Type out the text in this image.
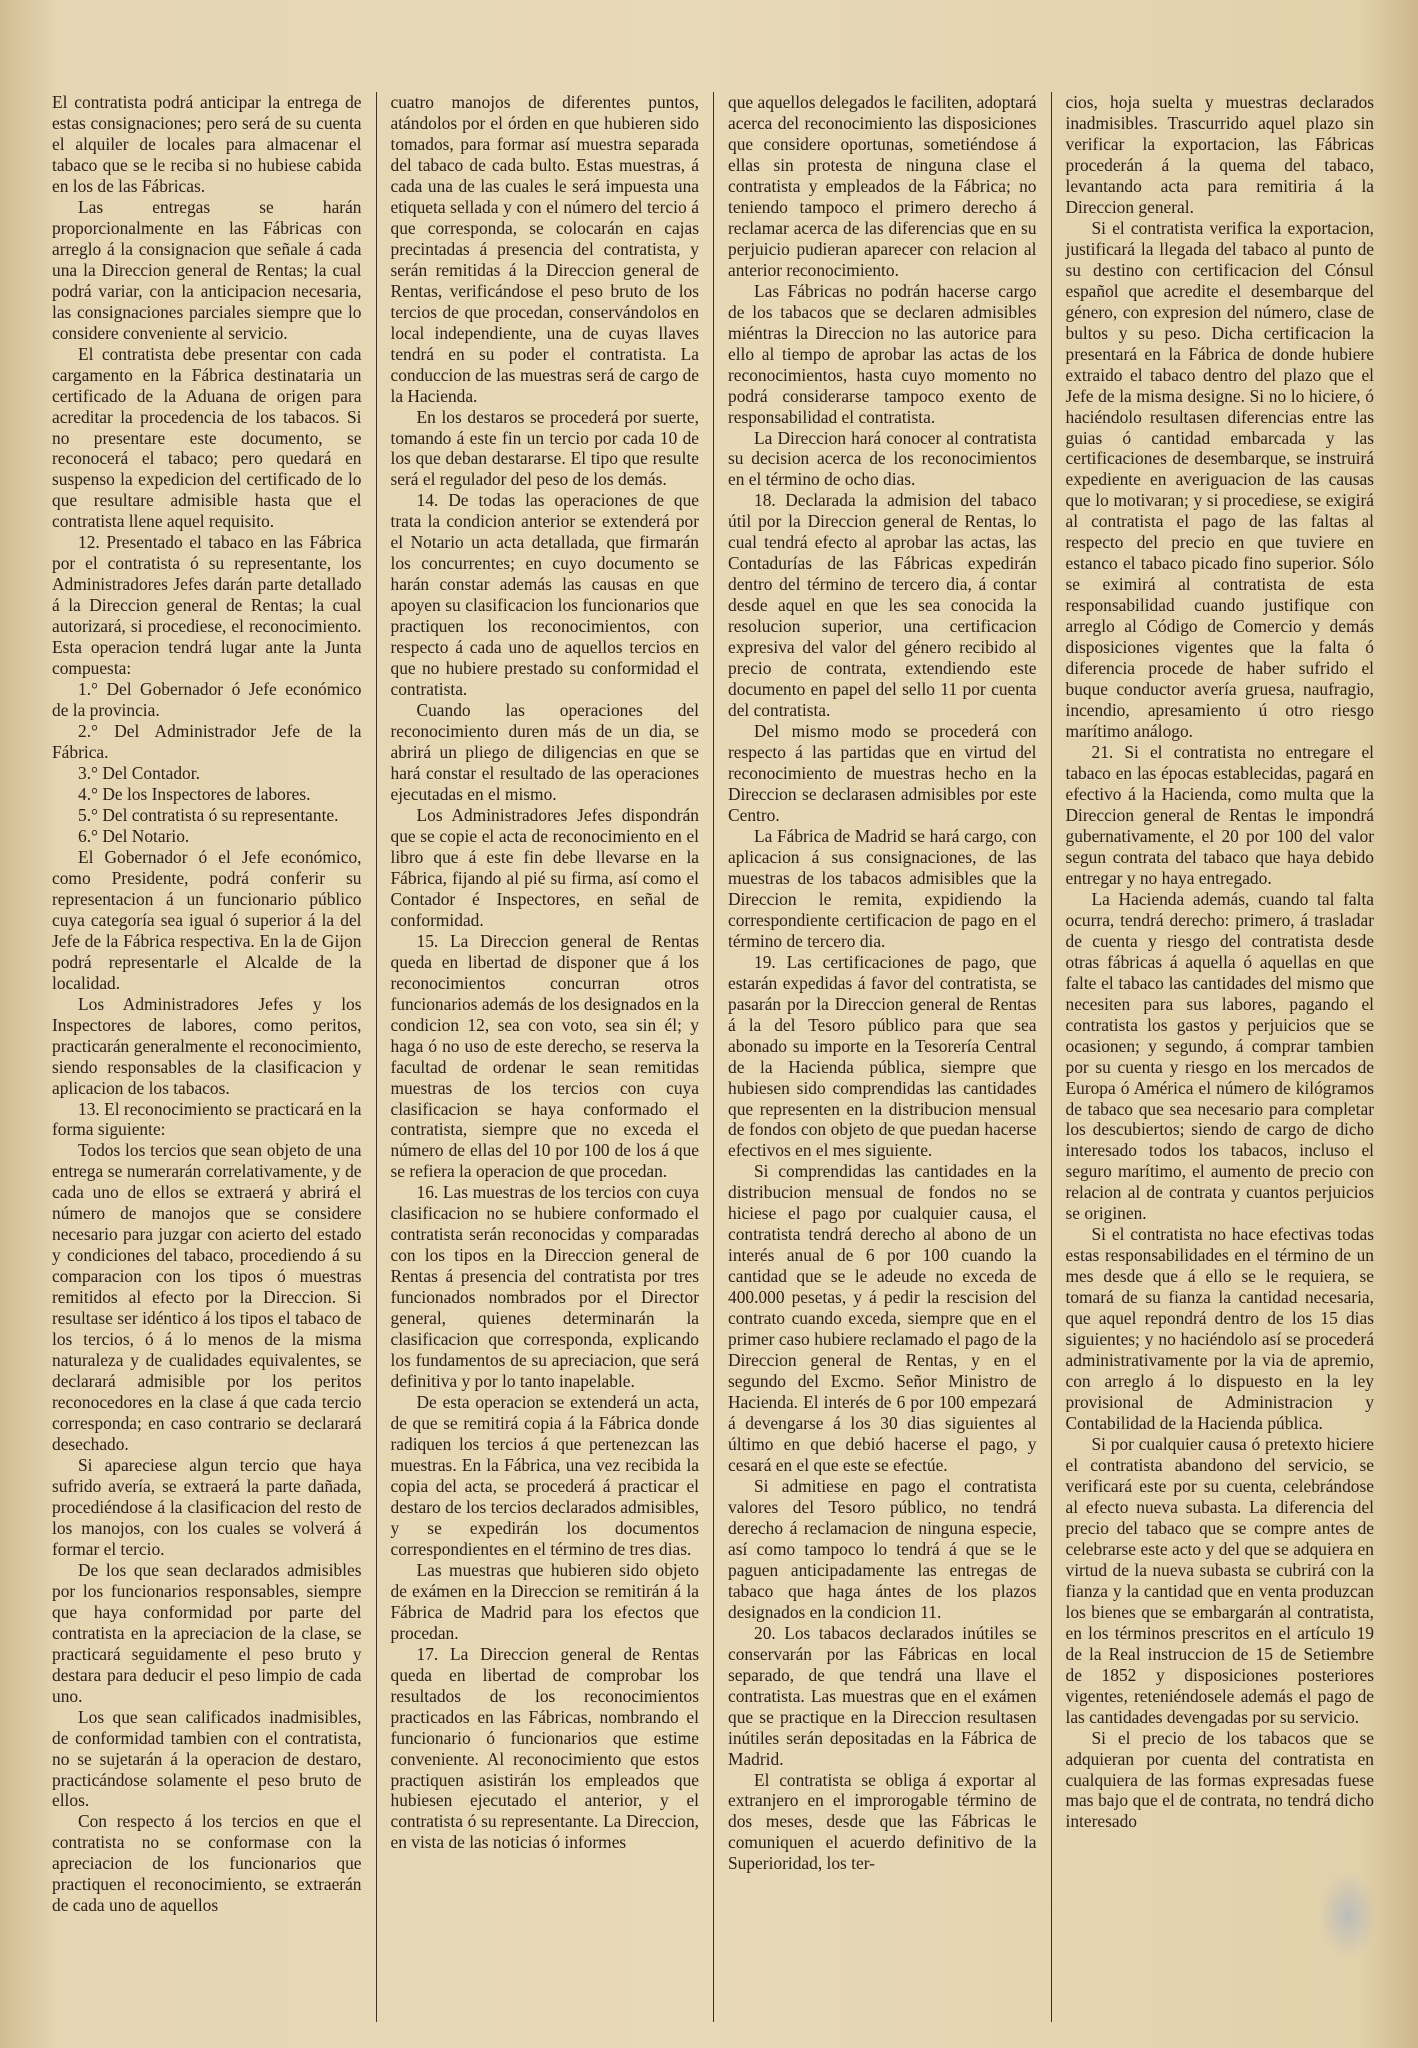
El contratista podrá anticipar la entrega de estas consignaciones; pero será de su cuenta el alquiler de locales para almacenar el tabaco que se le reciba si no hubiese cabida en los de las Fábricas.

Las entregas se harán proporcionalmente en las Fábricas con arreglo á la consignacion que señale á cada una la Direccion general de Rentas; la cual podrá variar, con la anticipacion necesaria, las consignaciones parciales siempre que lo considere conveniente al servicio.

El contratista debe presentar con cada cargamento en la Fábrica destinataria un certificado de la Aduana de origen para acreditar la procedencia de los tabacos. Si no presentare este documento, se reconocerá el tabaco; pero quedará en suspenso la expedicion del certificado de lo que resultare admisible hasta que el contratista llene aquel requisito.

12. Presentado el tabaco en las Fábrica por el contratista ó su representante, los Administradores Jefes darán parte detallado á la Direccion general de Rentas; la cual autorizará, si procediese, el reconocimiento. Esta operacion tendrá lugar ante la Junta compuesta:

1.° Del Gobernador ó Jefe económico de la provincia.

2.° Del Administrador Jefe de la Fábrica.

3.° Del Contador.

4.° De los Inspectores de labores.

5.° Del contratista ó su representante.

6.° Del Notario.

El Gobernador ó el Jefe económico, como Presidente, podrá conferir su representacion á un funcionario público cuya categoría sea igual ó superior á la del Jefe de la Fábrica respectiva. En la de Gijon podrá representarle el Alcalde de la localidad.

Los Administradores Jefes y los Inspectores de labores, como peritos, practicarán generalmente el reconocimiento, siendo responsables de la clasificacion y aplicacion de los tabacos.

13. El reconocimiento se practicará en la forma siguiente:

Todos los tercios que sean objeto de una entrega se numerarán correlativamente, y de cada uno de ellos se extraerá y abrirá el número de manojos que se considere necesario para juzgar con acierto del estado y condiciones del tabaco, procediendo á su comparacion con los tipos ó muestras remitidos al efecto por la Direccion. Si resultase ser idéntico á los tipos el tabaco de los tercios, ó á lo menos de la misma naturaleza y de cualidades equivalentes, se declarará admisible por los peritos reconocedores en la clase á que cada tercio corresponda; en caso contrario se declarará desechado.

Si apareciese algun tercio que haya sufrido avería, se extraerá la parte dañada, procediéndose á la clasificacion del resto de los manojos, con los cuales se volverá á formar el tercio.

De los que sean declarados admisibles por los funcionarios responsables, siempre que haya conformidad por parte del contratista en la apreciacion de la clase, se practicará seguidamente el peso bruto y destara para deducir el peso limpio de cada uno.

Los que sean calificados inadmisibles, de conformidad tambien con el contratista, no se sujetarán á la operacion de destaro, practicándose solamente el peso bruto de ellos.

Con respecto á los tercios en que el contratista no se conformase con la apreciacion de los funcionarios que practiquen el reconocimiento, se extraerán de cada uno de aquellos

cuatro manojos de diferentes puntos, atándolos por el órden en que hubieren sido tomados, para formar así muestra separada del tabaco de cada bulto. Estas muestras, á cada una de las cuales le será impuesta una etiqueta sellada y con el número del tercio á que corresponda, se colocarán en cajas precintadas á presencia del contratista, y serán remitidas á la Direccion general de Rentas, verificándose el peso bruto de los tercios de que procedan, conservándolos en local independiente, una de cuyas llaves tendrá en su poder el contratista. La conduccion de las muestras será de cargo de la Hacienda.

En los destaros se procederá por suerte, tomando á este fin un tercio por cada 10 de los que deban destararse. El tipo que resulte será el regulador del peso de los demás.

14. De todas las operaciones de que trata la condicion anterior se extenderá por el Notario un acta detallada, que firmarán los concurrentes; en cuyo documento se harán constar además las causas en que apoyen su clasificacion los funcionarios que practiquen los reconocimientos, con respecto á cada uno de aquellos tercios en que no hubiere prestado su conformidad el contratista.

Cuando las operaciones del reconocimiento duren más de un dia, se abrirá un pliego de diligencias en que se hará constar el resultado de las operaciones ejecutadas en el mismo.

Los Administradores Jefes dispondrán que se copie el acta de reconocimiento en el libro que á este fin debe llevarse en la Fábrica, fijando al pié su firma, así como el Contador é Inspectores, en señal de conformidad.

15. La Direccion general de Rentas queda en libertad de disponer que á los reconocimientos concurran otros funcionarios además de los designados en la condicion 12, sea con voto, sea sin él; y haga ó no uso de este derecho, se reserva la facultad de ordenar le sean remitidas muestras de los tercios con cuya clasificacion se haya conformado el contratista, siempre que no exceda el número de ellas del 10 por 100 de los á que se refiera la operacion de que procedan.

16. Las muestras de los tercios con cuya clasificacion no se hubiere conformado el contratista serán reconocidas y comparadas con los tipos en la Direccion general de Rentas á presencia del contratista por tres funcionados nombrados por el Director general, quienes determinarán la clasificacion que corresponda, explicando los fundamentos de su apreciacion, que será definitiva y por lo tanto inapelable.

De esta operacion se extenderá un acta, de que se remitirá copia á la Fábrica donde radiquen los tercios á que pertenezcan las muestras. En la Fábrica, una vez recibida la copia del acta, se procederá á practicar el destaro de los tercios declarados admisibles, y se expedirán los documentos correspondientes en el término de tres dias.

Las muestras que hubieren sido objeto de exámen en la Direccion se remitirán á la Fábrica de Madrid para los efectos que procedan.

17. La Direccion general de Rentas queda en libertad de comprobar los resultados de los reconocimientos practicados en las Fábricas, nombrando el funcionario ó funcionarios que estime conveniente. Al reconocimiento que estos practiquen asistirán los empleados que hubiesen ejecutado el anterior, y el contratista ó su representante. La Direccion, en vista de las noticias ó informes

que aquellos delegados le faciliten, adoptará acerca del reconocimiento las disposiciones que considere oportunas, sometiéndose á ellas sin protesta de ninguna clase el contratista y empleados de la Fábrica; no teniendo tampoco el primero derecho á reclamar acerca de las diferencias que en su perjuicio pudieran aparecer con relacion al anterior reconocimiento.

Las Fábricas no podrán hacerse cargo de los tabacos que se declaren admisibles miéntras la Direccion no las autorice para ello al tiempo de aprobar las actas de los reconocimientos, hasta cuyo momento no podrá considerarse tampoco exento de responsabilidad el contratista.

La Direccion hará conocer al contratista su decision acerca de los reconocimientos en el término de ocho dias.

18. Declarada la admision del tabaco útil por la Direccion general de Rentas, lo cual tendrá efecto al aprobar las actas, las Contadurías de las Fábricas expedirán dentro del término de tercero dia, á contar desde aquel en que les sea conocida la resolucion superior, una certificacion expresiva del valor del género recibido al precio de contrata, extendiendo este documento en papel del sello 11 por cuenta del contratista.

Del mismo modo se procederá con respecto á las partidas que en virtud del reconocimiento de muestras hecho en la Direccion se declarasen admisibles por este Centro.

La Fábrica de Madrid se hará cargo, con aplicacion á sus consignaciones, de las muestras de los tabacos admisibles que la Direccion le remita, expidiendo la correspondiente certificacion de pago en el término de tercero dia.

19. Las certificaciones de pago, que estarán expedidas á favor del contratista, se pasarán por la Direccion general de Rentas á la del Tesoro público para que sea abonado su importe en la Tesorería Central de la Hacienda pública, siempre que hubiesen sido comprendidas las cantidades que representen en la distribucion mensual de fondos con objeto de que puedan hacerse efectivos en el mes siguiente.

Si comprendidas las cantidades en la distribucion mensual de fondos no se hiciese el pago por cualquier causa, el contratista tendrá derecho al abono de un interés anual de 6 por 100 cuando la cantidad que se le adeude no exceda de 400.000 pesetas, y á pedir la rescision del contrato cuando exceda, siempre que en el primer caso hubiere reclamado el pago de la Direccion general de Rentas, y en el segundo del Excmo. Señor Ministro de Hacienda. El interés de 6 por 100 empezará á devengarse á los 30 dias siguientes al último en que debió hacerse el pago, y cesará en el que este se efectúe.

Si admitiese en pago el contratista valores del Tesoro público, no tendrá derecho á reclamacion de ninguna especie, así como tampoco lo tendrá á que se le paguen anticipadamente las entregas de tabaco que haga ántes de los plazos designados en la condicion 11.

20. Los tabacos declarados inútiles se conservarán por las Fábricas en local separado, de que tendrá una llave el contratista. Las muestras que en el exámen que se practique en la Direccion resultasen inútiles serán depositadas en la Fábrica de Madrid.

El contratista se obliga á exportar al extranjero en el improrogable término de dos meses, desde que las Fábricas le comuniquen el acuerdo definitivo de la Superioridad, los ter-

cios, hoja suelta y muestras declarados inadmisibles. Trascurrido aquel plazo sin verificar la exportacion, las Fábricas procederán á la quema del tabaco, levantando acta para remitiria á la Direccion general.

Si el contratista verifica la exportacion, justificará la llegada del tabaco al punto de su destino con certificacion del Cónsul español que acredite el desembarque del género, con expresion del número, clase de bultos y su peso. Dicha certificacion la presentará en la Fábrica de donde hubiere extraido el tabaco dentro del plazo que el Jefe de la misma designe. Si no lo hiciere, ó haciéndolo resultasen diferencias entre las guias ó cantidad embarcada y las certificaciones de desembarque, se instruirá expediente en averiguacion de las causas que lo motivaran; y si procediese, se exigirá al contratista el pago de las faltas al respecto del precio en que tuviere en estanco el tabaco picado fino superior. Sólo se eximirá al contratista de esta responsabilidad cuando justifique con arreglo al Código de Comercio y demás disposiciones vigentes que la falta ó diferencia procede de haber sufrido el buque conductor avería gruesa, naufragio, incendio, apresamiento ú otro riesgo marítimo análogo.

21. Si el contratista no entregare el tabaco en las épocas establecidas, pagará en efectivo á la Hacienda, como multa que la Direccion general de Rentas le impondrá gubernativamente, el 20 por 100 del valor segun contrata del tabaco que haya debido entregar y no haya entregado.

La Hacienda además, cuando tal falta ocurra, tendrá derecho: primero, á trasladar de cuenta y riesgo del contratista desde otras fábricas á aquella ó aquellas en que falte el tabaco las cantidades del mismo que necesiten para sus labores, pagando el contratista los gastos y perjuicios que se ocasionen; y segundo, á comprar tambien por su cuenta y riesgo en los mercados de Europa ó América el número de kilógramos de tabaco que sea necesario para completar los descubiertos; siendo de cargo de dicho interesado todos los tabacos, incluso el seguro marítimo, el aumento de precio con relacion al de contrata y cuantos perjuicios se originen.

Si el contratista no hace efectivas todas estas responsabilidades en el término de un mes desde que á ello se le requiera, se tomará de su fianza la cantidad necesaria, que aquel repondrá dentro de los 15 dias siguientes; y no haciéndolo así se procederá administrativamente por la via de apremio, con arreglo á lo dispuesto en la ley provisional de Administracion y Contabilidad de la Hacienda pública.

Si por cualquier causa ó pretexto hiciere el contratista abandono del servicio, se verificará este por su cuenta, celebrándose al efecto nueva subasta. La diferencia del precio del tabaco que se compre antes de celebrarse este acto y del que se adquiera en virtud de la nueva subasta se cubrirá con la fianza y la cantidad que en venta produzcan los bienes que se embargarán al contratista, en los términos prescritos en el artículo 19 de la Real instruccion de 15 de Setiembre de 1852 y disposiciones posteriores vigentes, reteniéndosele además el pago de las cantidades devengadas por su servicio.

Si el precio de los tabacos que se adquieran por cuenta del contratista en cualquiera de las formas expresadas fuese mas bajo que el de contrata, no tendrá dicho interesado
